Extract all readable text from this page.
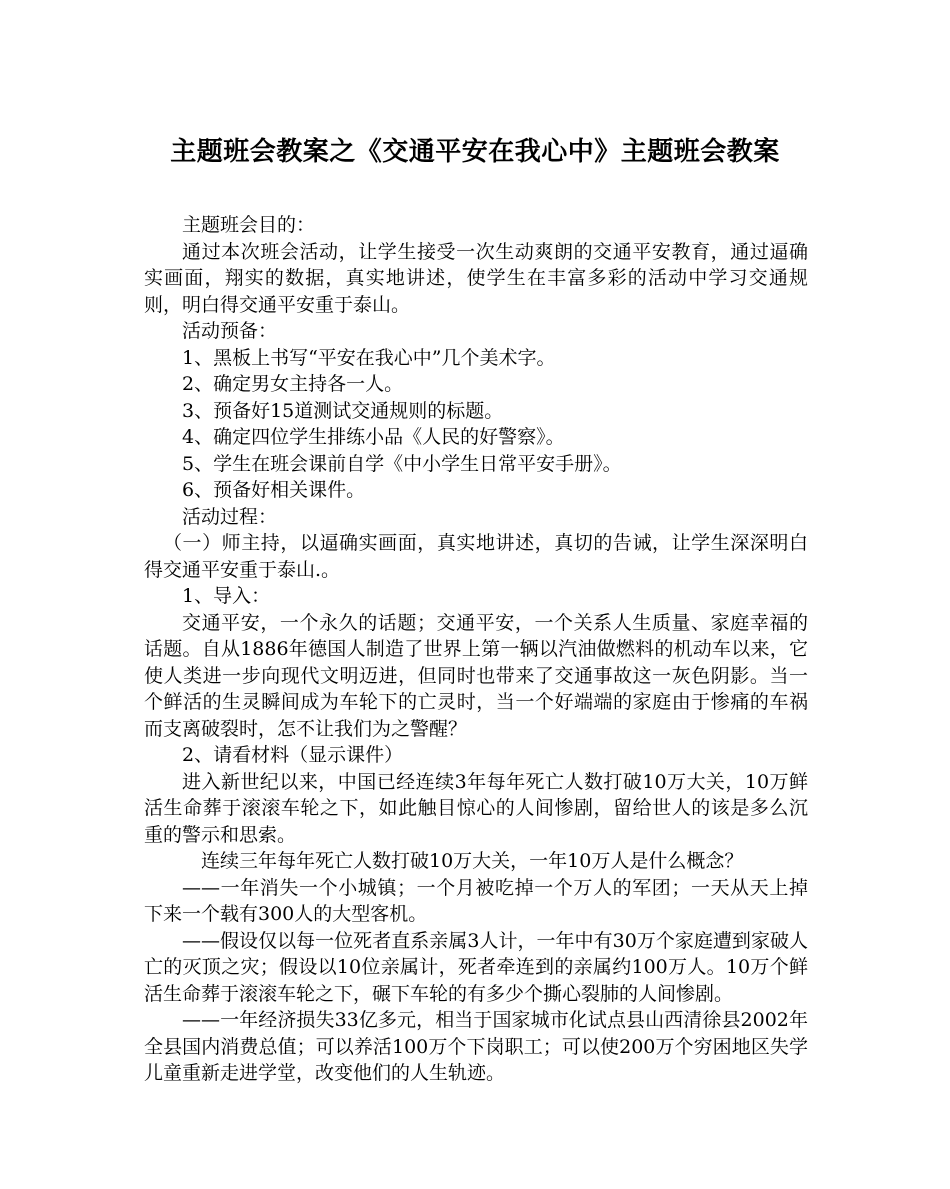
主题班会教案之《交通平安在我心中》主题班会教案

主题班会目的：

通过本次班会活动，让学生接受一次生动爽朗的交通平安教育，通过逼确实画面，翔实的数据，真实地讲述，使学生在丰富多彩的活动中学习交通规则，明白得交通平安重于泰山。

活动预备：

1、黑板上书写“平安在我心中”几个美术字。

2、确定男女主持各一人。

3、预备好15道测试交通规则的标题。

4、确定四位学生排练小品《人民的好警察》。

5、学生在班会课前自学《中小学生日常平安手册》。

6、预备好相关课件。

活动过程：

（一）师主持，以逼确实画面，真实地讲述，真切的告诫，让学生深深明白得交通平安重于泰山.。

1、导入：

交通平安，一个永久的话题；交通平安，一个关系人生质量、家庭幸福的话题。自从1886年德国人制造了世界上第一辆以汽油做燃料的机动车以来，它使人类进一步向现代文明迈进，但同时也带来了交通事故这一灰色阴影。当一个鲜活的生灵瞬间成为车轮下的亡灵时，当一个好端端的家庭由于惨痛的车祸而支离破裂时，怎不让我们为之警醒？

2、请看材料（显示课件）

进入新世纪以来，中国已经连续3年每年死亡人数打破10万大关，10万鲜活生命葬于滚滚车轮之下，如此触目惊心的人间惨剧，留给世人的该是多么沉重的警示和思索。

连续三年每年死亡人数打破10万大关，一年10万人是什么概念？

——一年消失一个小城镇；一个月被吃掉一个万人的军团；一天从天上掉下来一个载有300人的大型客机。

——假设仅以每一位死者直系亲属3人计，一年中有30万个家庭遭到家破人亡的灭顶之灾；假设以10位亲属计，死者牵连到的亲属约100万人。10万个鲜活生命葬于滚滚车轮之下，碾下车轮的有多少个撕心裂肺的人间惨剧。

——一年经济损失33亿多元，相当于国家城市化试点县山西清徐县2002年全县国内消费总值；可以养活100万个下岗职工；可以使200万个穷困地区失学儿童重新走进学堂，改变他们的人生轨迹。
